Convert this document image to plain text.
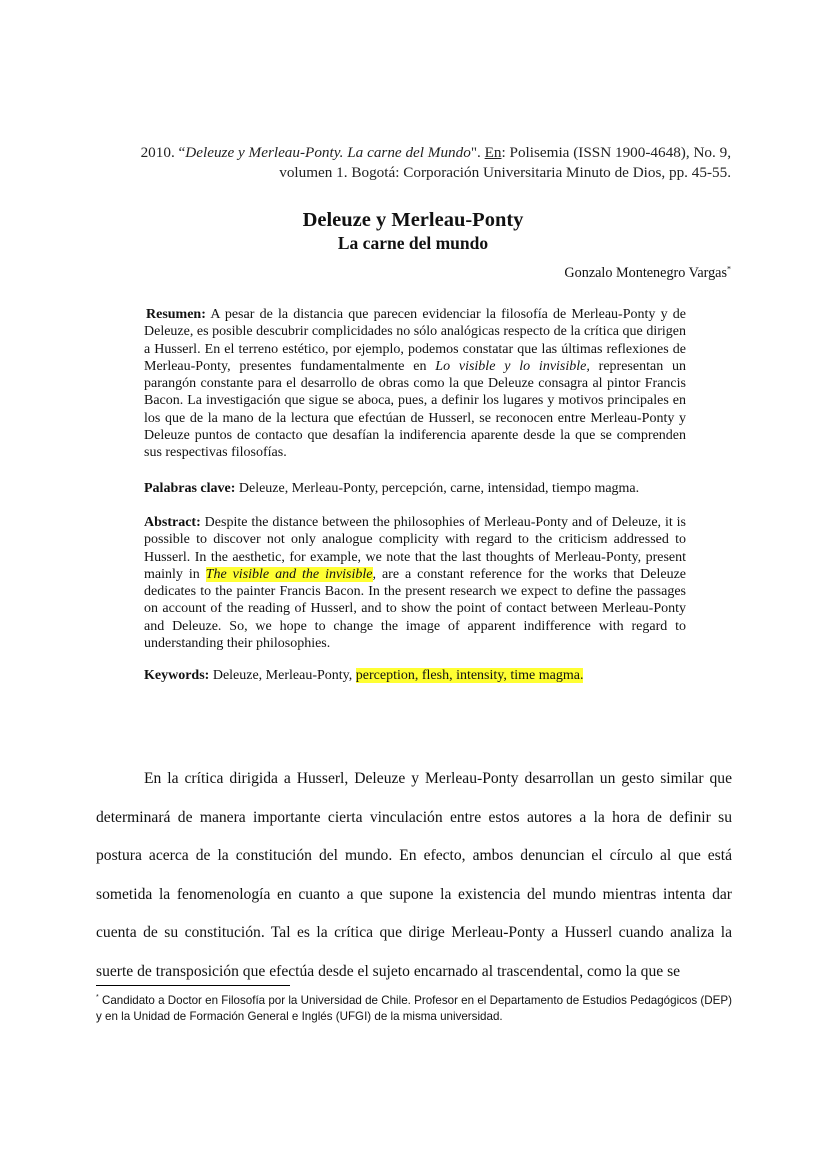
2010. “Deleuze y Merleau-Ponty. La carne del Mundo". En: Polisemia (ISSN 1900-4648), No. 9,
volumen 1. Bogotá: Corporación Universitaria Minuto de Dios, pp. 45-55.
Deleuze y Merleau-Ponty
La carne del mundo
Gonzalo Montenegro Vargas*
Resumen: A pesar de la distancia que parecen evidenciar la filosofía de Merleau-Ponty y de Deleuze, es posible descubrir complicidades no sólo analógicas respecto de la crítica que dirigen a Husserl. En el terreno estético, por ejemplo, podemos constatar que las últimas reflexiones de Merleau-Ponty, presentes fundamentalmente en Lo visible y lo invisible, representan un parangón constante para el desarrollo de obras como la que Deleuze consagra al pintor Francis Bacon. La investigación que sigue se aboca, pues, a definir los lugares y motivos principales en los que de la mano de la lectura que efectúan de Husserl, se reconocen entre Merleau-Ponty y Deleuze puntos de contacto que desafían la indiferencia aparente desde la que se comprenden sus respectivas filosofías.
Palabras clave: Deleuze, Merleau-Ponty, percepción, carne, intensidad, tiempo magma.
Abstract: Despite the distance between the philosophies of Merleau-Ponty and of Deleuze, it is possible to discover not only analogue complicity with regard to the criticism addressed to Husserl. In the aesthetic, for example, we note that the last thoughts of Merleau-Ponty, present mainly in The visible and the invisible, are a constant reference for the works that Deleuze dedicates to the painter Francis Bacon. In the present research we expect to define the passages on account of the reading of Husserl, and to show the point of contact between Merleau-Ponty and Deleuze. So, we hope to change the image of apparent indifference with regard to understanding their philosophies.
Keywords: Deleuze, Merleau-Ponty, perception, flesh, intensity, time magma.
En la crítica dirigida a Husserl, Deleuze y Merleau-Ponty desarrollan un gesto similar que determinará de manera importante cierta vinculación entre estos autores a la hora de definir su postura acerca de la constitución del mundo. En efecto, ambos denuncian el círculo al que está sometida la fenomenología en cuanto a que supone la existencia del mundo mientras intenta dar cuenta de su constitución. Tal es la crítica que dirige Merleau-Ponty a Husserl cuando analiza la suerte de transposición que efectúa desde el sujeto encarnado al trascendental, como la que se
* Candidato a Doctor en Filosofía por la Universidad de Chile. Profesor en el Departamento de Estudios Pedagógicos (DEP) y en la Unidad de Formación General e Inglés (UFGI) de la misma universidad.
